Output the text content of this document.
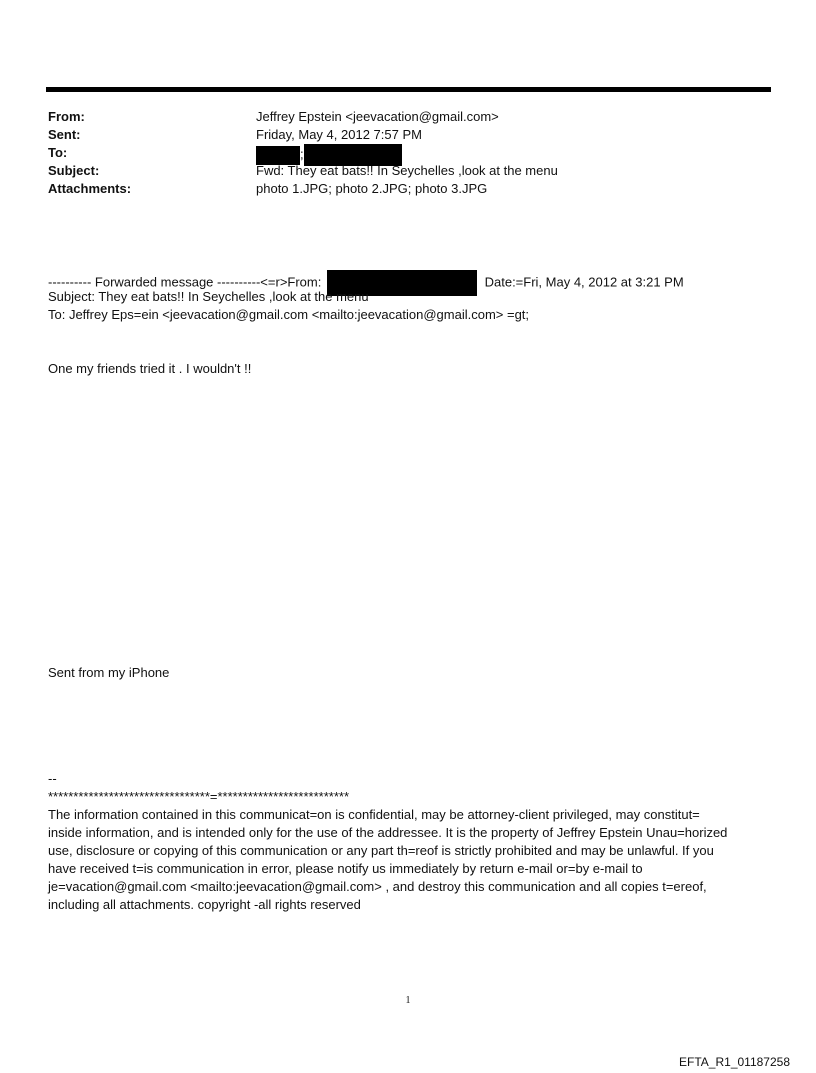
From:	Jeffrey Epstein <jeevacation@gmail.com>
Sent:	Friday, May 4, 2012 7:57 PM
To:	;
Subject:	Fwd: They eat bats!! In Seychelles ,look at the menu
Attachments:	photo 1.JPG; photo 2.JPG; photo 3.JPG
---------- Forwarded message ----------<=r>From:	Date:=Fri, May 4, 2012 at 3:21 PM
Subject: They eat bats!! In Seychelles ,look at the menu
To: Jeffrey Eps=ein <jeevacation@gmail.com <mailto:jeevacation@gmail.com> =gt;
One my friends tried it . I wouldn't !!
Sent from my iPhone
--
********************************=**************************
The information contained in this communicat=on is confidential, may be attorney-client privileged, may constitut=
inside information, and is intended only for the use of the addressee. It is the property of Jeffrey Epstein Unau=horized
use, disclosure or copying of this communication or any part th=reof is strictly prohibited and may be unlawful. If you
have received t=is communication in error, please notify us immediately by return e-mail or=by e-mail to
je=vacation@gmail.com <mailto:jeevacation@gmail.com> , and destroy this communication and all copies t=ereof,
including all attachments. copyright -all rights reserved
1
EFTA_R1_01187258
